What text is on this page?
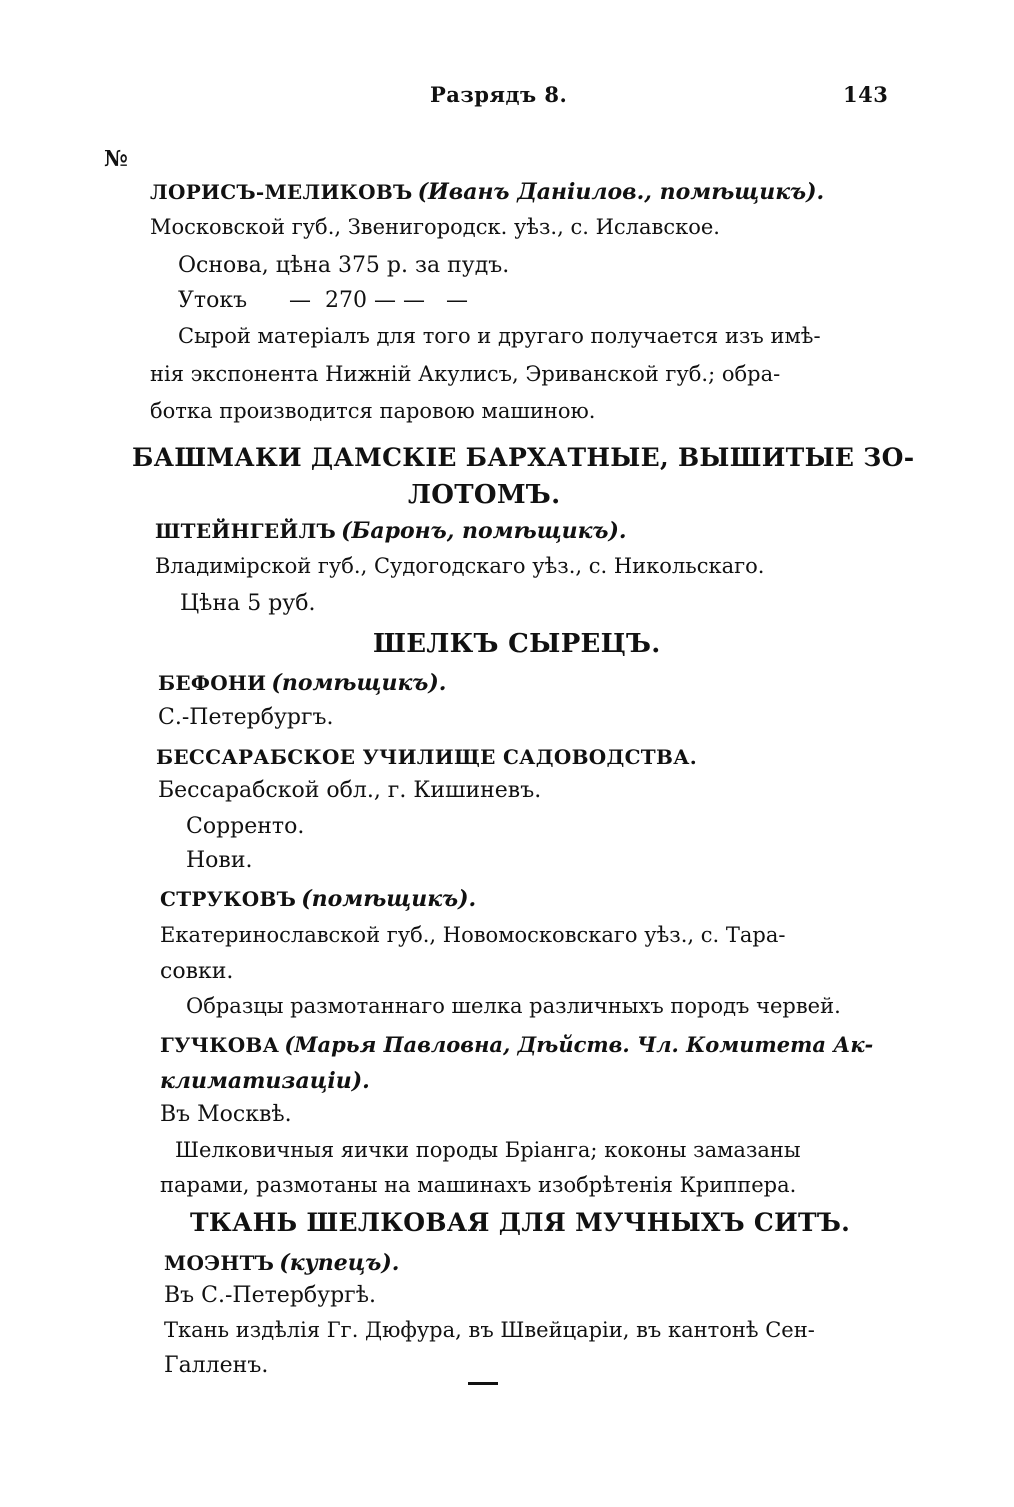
Разрядъ 8.	143
№
ЛОРИСЪ-МЕЛИКОВЪ (Иванъ Даніилов., помѣщикъ).
Московской губ., Звенигородск. уѣз., с. Иславское.
Основа, цѣна 375 р. за пудъ.
Утокъ      —  270 — —   —
Сырой матеріалъ для того и другаго получается изъ имѣ-
нія экспонента Нижній Акулисъ, Эриванской губ.; обра-
ботка производится паровою машиною.
БАШМАКИ ДАМСКІЕ БАРХАТНЫЕ, ВЫШИТЫЕ ЗО-
ЛОТОМЪ.
ШТЕЙНГЕЙЛЪ (Баронъ, помѣщикъ).
Владимірской губ., Судогодскаго уѣз., с. Никольскаго.
Цѣна 5 руб.
ШЕЛКЪ СЫРЕЦЪ.
БЕФОНИ (помѣщикъ).
С.-Петербургъ.
БЕССАРАБСКОЕ УЧИЛИЩЕ САДОВОДСТВА.
Бессарабской обл., г. Кишиневъ.
Сорренто.
Нови.
СТРУКОВЪ (помѣщикъ).
Екатеринославской губ., Новомосковскаго уѣз., с. Тара-
совки.
Образцы размотаннаго шелка различныхъ породъ червей.
ГУЧКОВА (Марья Павловна, Дѣйств. Чл. Комитета Ак-
климатизаціи).
Въ Москвѣ.
Шелковичныя яички породы Бріанга; коконы замазаны
парами, размотаны на машинахъ изобрѣтенія Криппера.
ТКАНЬ ШЕЛКОВАЯ ДЛЯ МУЧНЫХЪ СИТЪ.
МОЭНТЪ (купецъ).
Въ С.-Петербургѣ.
Ткань издѣлія Гг. Дюфура, въ Швейцаріи, въ кантонѣ Сен-
Галленъ.
